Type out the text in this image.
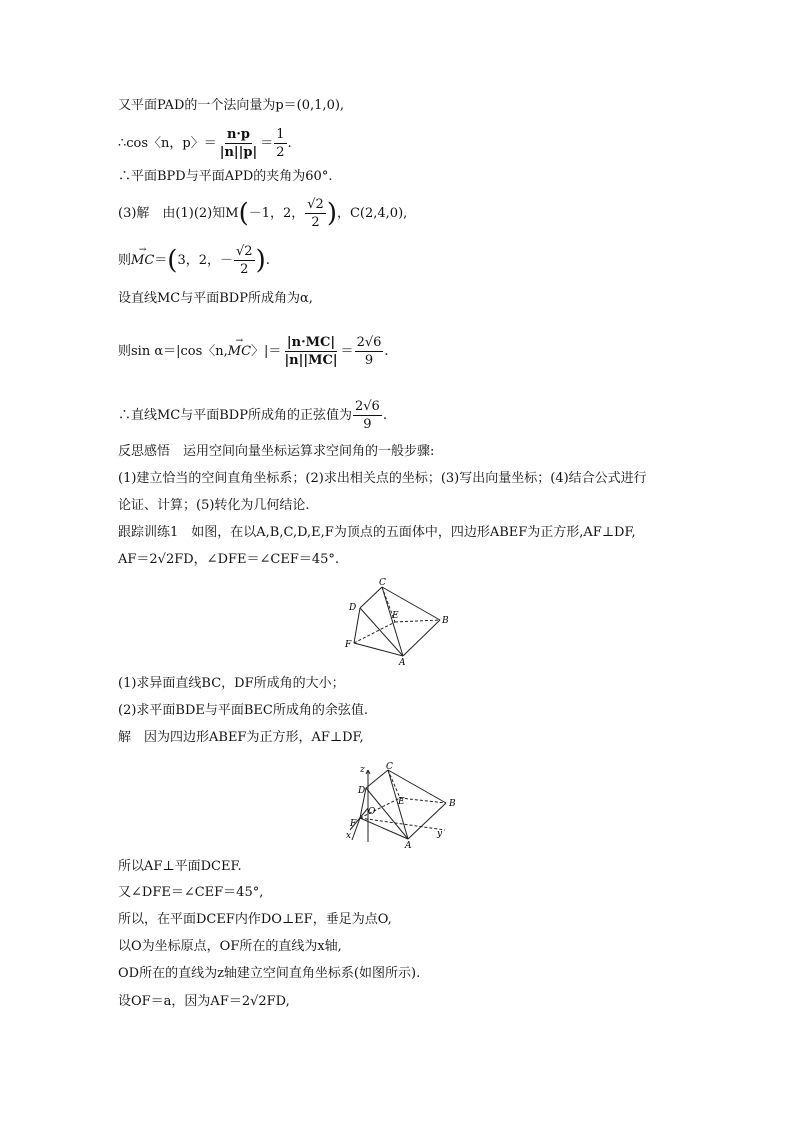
又平面PAD的一个法向量为p＝(0,1,0),
∴cos〈n，p〉＝ $\frac{n\cdot p}{|n||p|} = \frac{1}{2}$ .
∴平面BPD与平面APD的夹角为60°.
(3)解　由(1)(2)知M(－1，2， $\frac{√2}{2}$ )，C(2,4,0),
则→ MC＝(3，2，－ $\frac{√2}{2}$ ).
设直线MC与平面BDP所成角为α,
则sin α＝|cos〈n,→ MC〉|＝ $\frac{|n\cdot MC|}{|n||MC|} = \frac{2√6}{9}$ .
∴直线MC与平面BDP所成角的正弦值为 $\frac{2√6}{9}$ .
反思感悟　运用空间向量坐标运算求空间角的一般步骤:
(1)建立恰当的空间直角坐标系；(2)求出相关点的坐标；(3)写出向量坐标；(4)结合公式进行
论证、计算；(5)转化为几何结论.
跟踪训练1　如图，在以A,B,C,D,E,F为顶点的五面体中，四边形ABEF为正方形,AF⊥DF,
AF＝2√2FD，∠DFE＝∠CEF＝45°.
C
D
E	B
F
A
(1)求异面直线BC，DF所成角的大小；
(2)求平面BDE与平面BEC所成角的余弦值.
解　因为四边形ABEF为正方形，AF⊥DF,
z C
D
E	B
O
F
x
A
y
所以AF⊥平面DCEF.
又∠DFE＝∠CEF＝45°,
所以，在平面DCEF内作DO⊥EF，垂足为点O,
以O为坐标原点，OF所在的直线为x轴,
OD所在的直线为z轴建立空间直角坐标系(如图所示).
设OF＝a，因为AF＝2√2FD,
